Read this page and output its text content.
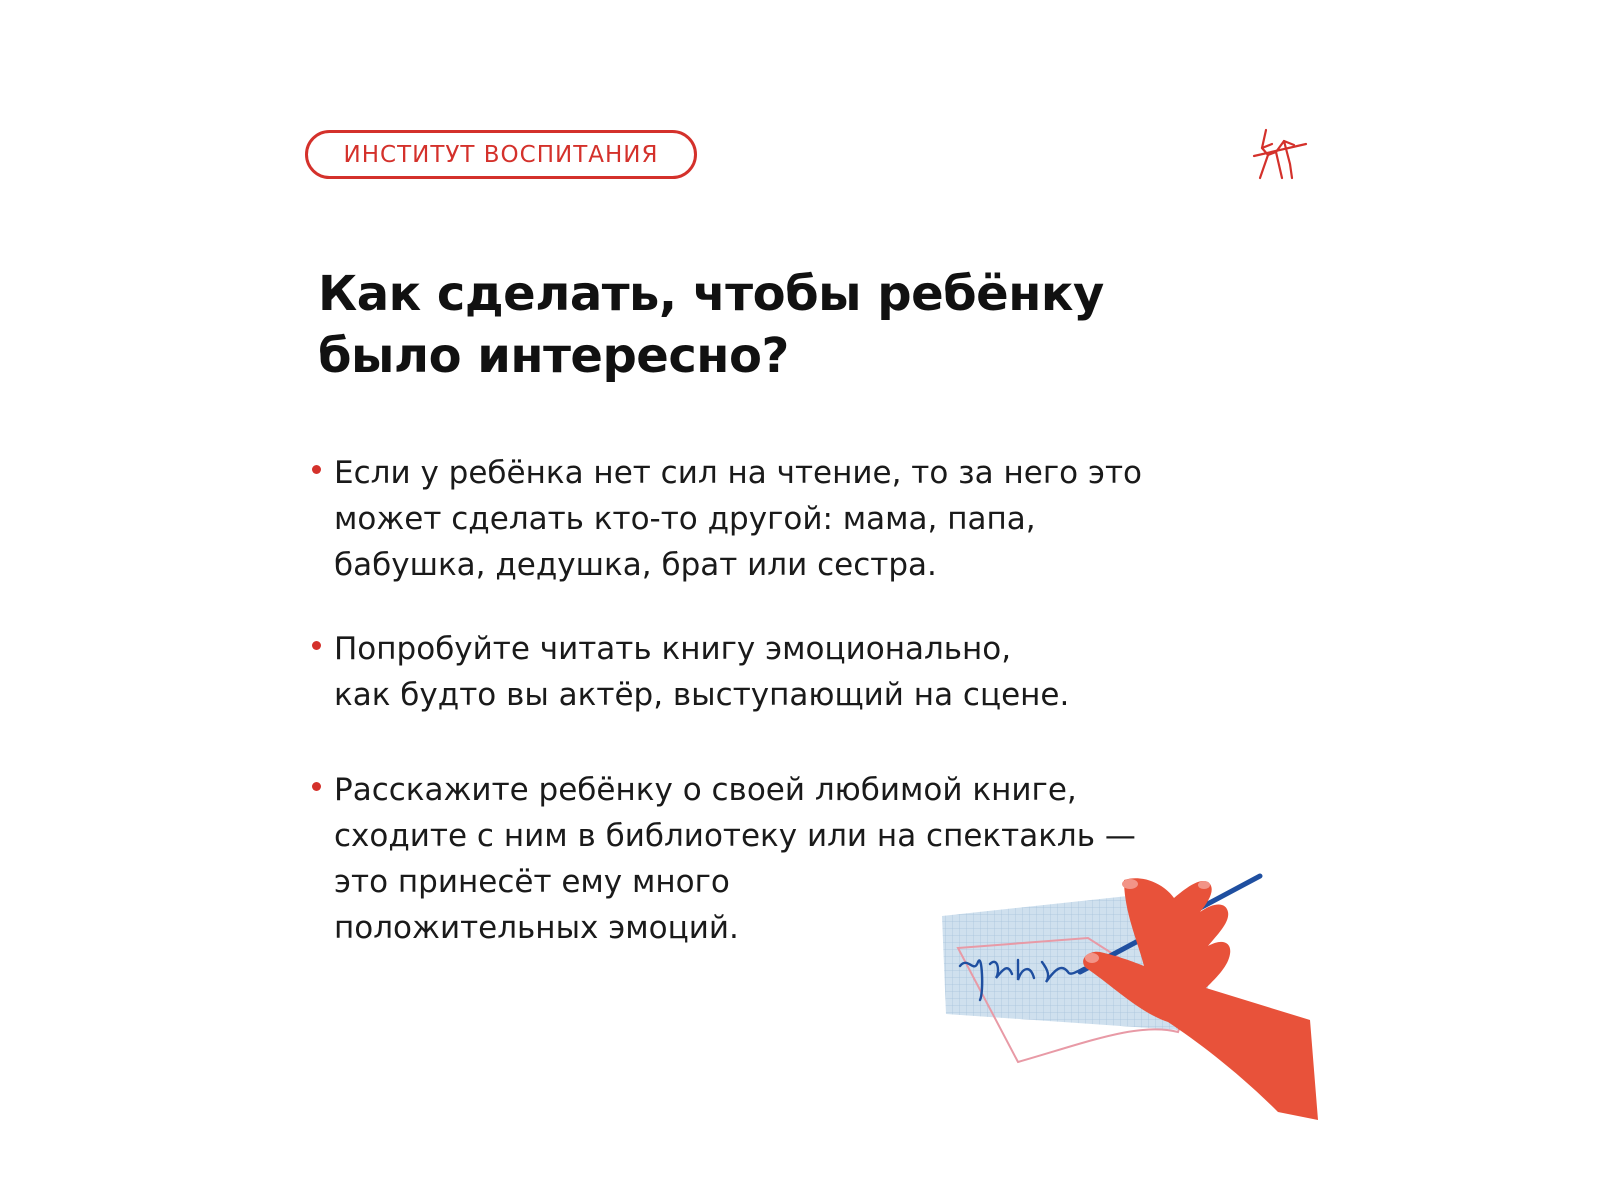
ИНСТИТУТ ВОСПИТАНИЯ
Как сделать, чтобы ребёнку
было интересно?
Если у ребёнка нет сил на чтение, то за него это
может сделать кто-то другой: мама, папа,
бабушка, дедушка, брат или сестра.
Попробуйте читать книгу эмоционально,
как будто вы актёр, выступающий на сцене.
Расскажите ребёнку о своей любимой книге,
сходите с ним в библиотеку или на спектакль —
это принесёт ему много
положительных эмоций.
